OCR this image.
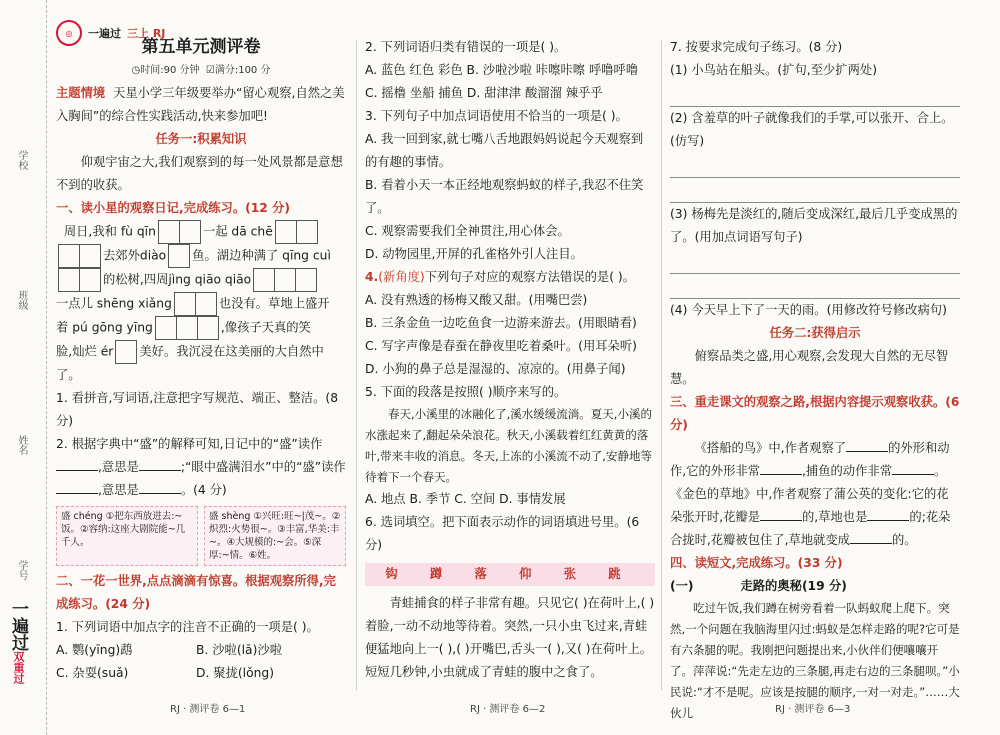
学校
班级
姓名
学号
一遍过双重过
◎	一遍过 三上 RJ

第五单元测评卷

◷时间:90 分钟 ☑满分:100 分

主题情境 天星小学三年级要举办“留心观察,自然之美入胸间”的综合性实践活动,快来参加吧!

任务一:积累知识

仰观宇宙之大,我们观察到的每一处风景都是意想不到的收获。

一、读小星的观察日记,完成练习。(12 分)

周日,我和 fù qīn	一起 dā chē

去郊外diào 鱼。湖边种满了 qīng cuì

的松树,四周jìng qiāo qiāo

一点儿 shēng xiǎng	也没有。草地上盛开

着 pú gōng yīng	,像孩子天真的笑

脸,灿烂 ér 美好。我沉浸在这美丽的大自然中了。

1. 看拼音,写词语,注意把字写规范、端正、整洁。(8 分)

2. 根据字典中“盛”的解释可知,日记中的“盛”读作,意思是	;“眼中盛满泪水”中的“盛”读作,意思是	。(4 分)

盛 chéng ①把东西放进去:~饭。②容纳:这座大剧院能~几千人。
盛 shèng ①兴旺:旺~|茂~。②炽烈:火势很~。③丰富,华美:丰~。④大规模的:~会。⑤深厚:~情。⑥姓。

二、一花一世界,点点滴滴有惊喜。根据观察所得,完成练习。(24 分)

1. 下列词语中加点字的注音不正确的一项是( )。

A. 鹦(yīng)鹉	B. 沙啦(lā)沙啦

C. 杂耍(suǎ)	D. 聚拢(lǒng)

RJ · 测评卷 6—1

2. 下列词语归类有错误的一项是( )。

A. 蓝色 红色 彩色 B. 沙啦沙啦 咔嚓咔嚓 呼噜呼噜

C. 摇橹 坐船 捕鱼 D. 甜津津 酸溜溜 辣乎乎

3. 下列句子中加点词语使用不恰当的一项是( )。

A. 我一回到家,就七嘴八舌地跟妈妈说起今天观察到的有趣的事情。

B. 看着小天一本正经地观察蚂蚁的样子,我忍不住笑了。

C. 观察需要我们全神贯注,用心体会。

D. 动物园里,开屏的孔雀格外引人注目。

4.(新角度)下列句子对应的观察方法错误的是( )。

A. 没有熟透的杨梅又酸又甜。(用嘴巴尝)

B. 三条金鱼一边吃鱼食一边游来游去。(用眼睛看)

C. 写字声像是春蚕在静夜里吃着桑叶。(用耳朵听)

D. 小狗的鼻子总是湿湿的、凉凉的。(用鼻子闻)

5. 下面的段落是按照( )顺序来写的。

春天,小溪里的冰融化了,溪水缓缓流淌。夏天,小溪的水涨起来了,翻起朵朵浪花。秋天,小溪载着红红黄黄的落叶,带来丰收的消息。冬天,上冻的小溪流不动了,安静地等待着下一个春天。

A. 地点 B. 季节 C. 空间 D. 事情发展

6. 选词填空。把下面表示动作的词语填进号里。(6 分)

钩 蹲 落 仰 张 跳

青蛙捕食的样子非常有趣。只见它( )在荷叶上,( )着脸,一动不动地等待着。突然,一只小虫飞过来,青蛙便猛地向上一( ),( )开嘴巴,舌头一( ),又( )在荷叶上。短短几秒钟,小虫就成了青蛙的腹中之食了。

RJ · 测评卷 6—2

7. 按要求完成句子练习。(8 分)

(1) 小鸟站在船头。(扩句,至少扩两处)

(2) 含羞草的叶子就像我们的手掌,可以张开、合上。(仿写)

(3) 杨梅先是淡红的,随后变成深红,最后几乎变成黑的了。(用加点词语写句子)

(4) 今天早上下了一天的雨。(用修改符号修改病句)

任务二:获得启示

俯察品类之盛,用心观察,会发现大自然的无尽智慧。

三、重走课文的观察之路,根据内容提示观察收获。(6 分)

《搭船的鸟》中,作者观察了	的外形和动作,它的外形非常	,捕鱼的动作非常	。《金色的草地》中,作者观察了蒲公英的变化:它的花朵张开时,花瓣是	的,草地也是	的;花朵合拢时,花瓣被包住了,草地就变成	的。

四、读短文,完成练习。(33 分)

(一)	走路的奥秘(19 分)

吃过午饭,我们蹲在树旁看着一队蚂蚁爬上爬下。突然,一个问题在我脑海里闪过:蚂蚁是怎样走路的呢?它可是有六条腿的呢。我刚把问题提出来,小伙伴们便嚷嚷开了。萍萍说:“先走左边的三条腿,再走右边的三条腿呗。”小民说:“才不是呢。应该是按腿的顺序,一对一对走。”……大伙儿	RJ · 测评卷 6—3
